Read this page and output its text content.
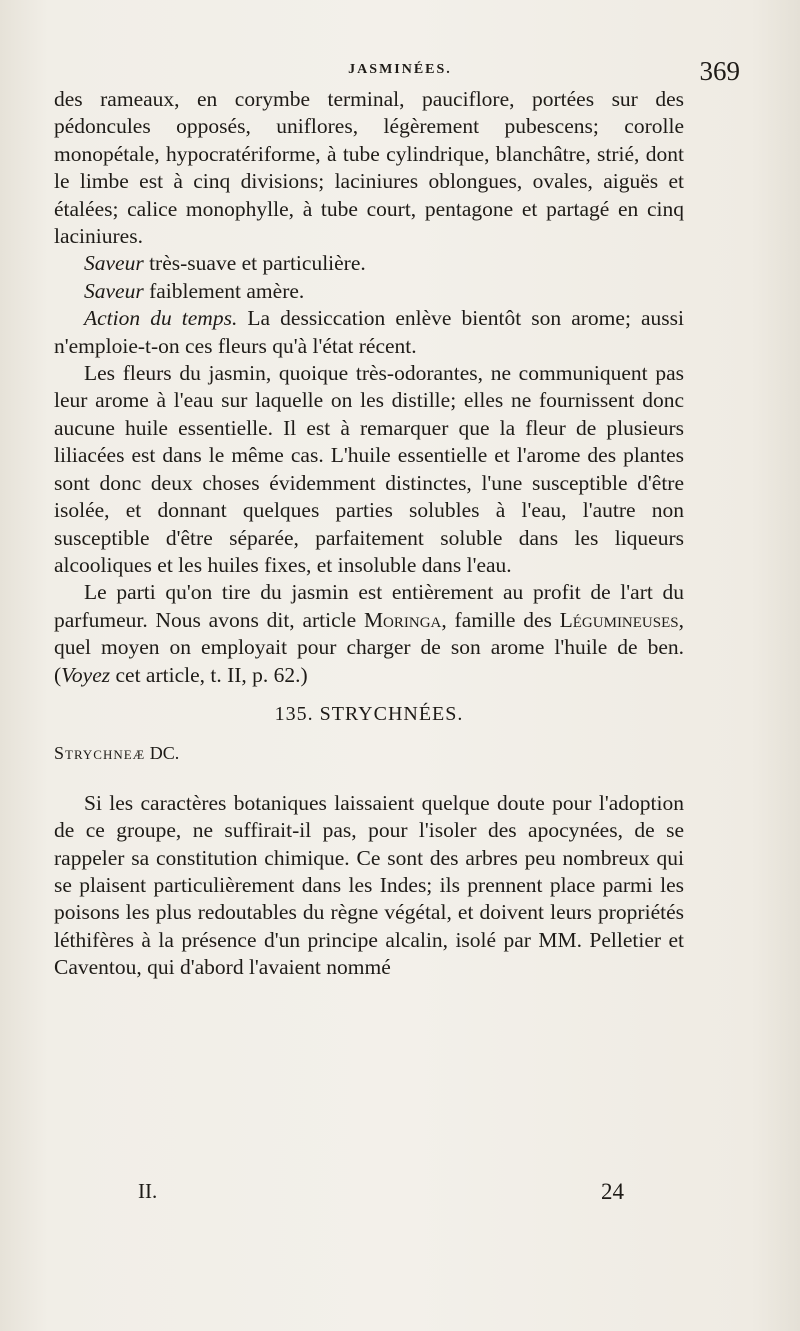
JASMINÉES.	369

des rameaux, en corymbe terminal, pauciflore, portées sur des pédoncules opposés, uniflores, légèrement pubescens; corolle monopétale, hypocratériforme, à tube cylindrique, blanchâtre, strié, dont le limbe est à cinq divisions; laciniures oblongues, ovales, aiguës et étalées; calice monophylle, à tube court, pentagone et partagé en cinq laciniures.

Saveur très-suave et particulière.

Saveur faiblement amère.

Action du temps. La dessiccation enlève bientôt son arome; aussi n'emploie-t-on ces fleurs qu'à l'état récent.

Les fleurs du jasmin, quoique très-odorantes, ne communiquent pas leur arome à l'eau sur laquelle on les distille; elles ne fournissent donc aucune huile essentielle. Il est à remarquer que la fleur de plusieurs liliacées est dans le même cas. L'huile essentielle et l'arome des plantes sont donc deux choses évidemment distinctes, l'une susceptible d'être isolée, et donnant quelques parties solubles à l'eau, l'autre non susceptible d'être séparée, parfaitement soluble dans les liqueurs alcooliques et les huiles fixes, et insoluble dans l'eau.

Le parti qu'on tire du jasmin est entièrement au profit de l'art du parfumeur. Nous avons dit, article Moringa, famille des Légumineuses, quel moyen on employait pour charger de son arome l'huile de ben. (Voyez cet article, t. II, p. 62.)

135. STRYCHNÉES.

Strychneæ DC.

Si les caractères botaniques laissaient quelque doute pour l'adoption de ce groupe, ne suffirait-il pas, pour l'isoler des apocynées, de se rappeler sa constitution chimique. Ce sont des arbres peu nombreux qui se plaisent particulièrement dans les Indes; ils prennent place parmi les poisons les plus redoutables du règne végétal, et doivent leurs propriétés léthifères à la présence d'un principe alcalin, isolé par MM. Pelletier et Caventou, qui d'abord l'avaient nommé

II.	24
